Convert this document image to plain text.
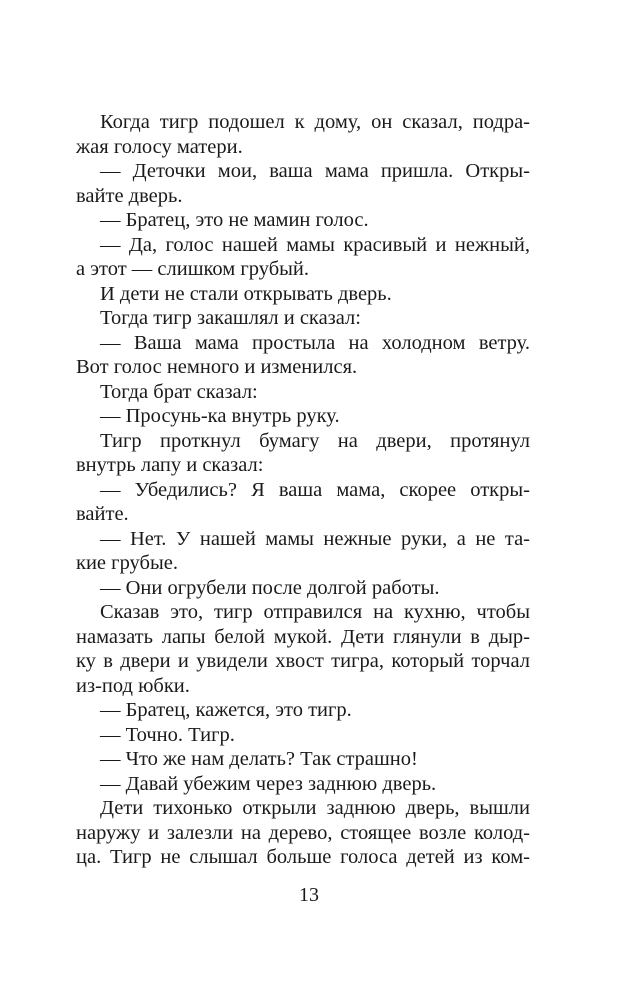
Когда тигр подошел к дому, он сказал, подра-
жая голосу матери.
— Деточки мои, ваша мама пришла. Откры-
вайте дверь.
— Братец, это не мамин голос.
— Да, голос нашей мамы красивый и нежный,
а этот — слишком грубый.
И дети не стали открывать дверь.
Тогда тигр закашлял и сказал:
— Ваша мама простыла на холодном ветру.
Вот голос немного и изменился.
Тогда брат сказал:
— Просунь-ка внутрь руку.
Тигр проткнул бумагу на двери, протянул
внутрь лапу и сказал:
— Убедились? Я ваша мама, скорее откры-
вайте.
— Нет. У нашей мамы нежные руки, а не та-
кие грубые.
— Они огрубели после долгой работы.
Сказав это, тигр отправился на кухню, чтобы
намазать лапы белой мукой. Дети глянули в дыр-
ку в двери и увидели хвост тигра, который торчал
из-под юбки.
— Братец, кажется, это тигр.
— Точно. Тигр.
— Что же нам делать? Так страшно!
— Давай убежим через заднюю дверь.
Дети тихонько открыли заднюю дверь, вышли
наружу и залезли на дерево, стоящее возле колод-
ца. Тигр не слышал больше голоса детей из ком-
13
